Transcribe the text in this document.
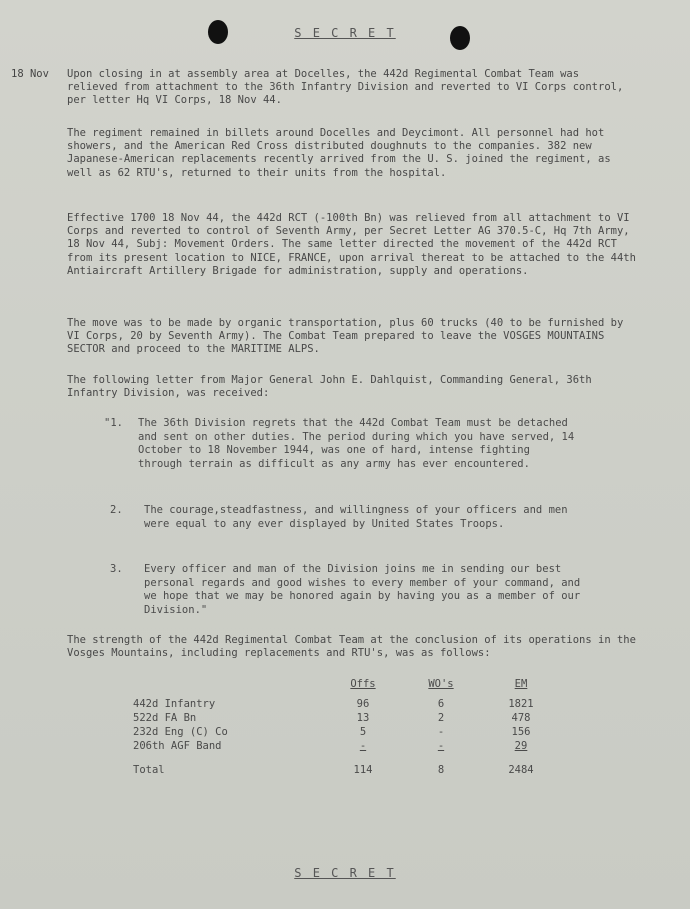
S E C R E T
18 Nov Upon closing in at assembly area at Docelles, the 442d Regimental Combat Team was relieved from attachment to the 36th Infantry Division and reverted to VI Corps control, per letter Hq VI Corps, 18 Nov 44.
The regiment remained in billets around Docelles and Deycimont. All personnel had hot showers, and the American Red Cross distributed doughnuts to the companies. 382 new Japanese-American replacements recently arrived from the U. S. joined the regiment, as well as 62 RTU's, returned to their units from the hospital.
Effective 1700 18 Nov 44, the 442d RCT (-100th Bn) was relieved from all attachment to VI Corps and reverted to control of Seventh Army, per Secret Letter AG 370.5-C, Hq 7th Army, 18 Nov 44, Subj: Movement Orders. The same letter directed the movement of the 442d RCT from its present location to NICE, FRANCE, upon arrival thereat to be attached to the 44th Antiaircraft Artillery Brigade for administration, supply and operations.
The move was to be made by organic transportation, plus 60 trucks (40 to be furnished by VI Corps, 20 by Seventh Army). The Combat Team prepared to leave the VOSGES MOUNTAINS SECTOR and proceed to the MARITIME ALPS.
The following letter from Major General John E. Dahlquist, Commanding General, 36th Infantry Division, was received:
"1.	The 36th Division regrets that the 442d Combat Team must be detached and sent on other duties. The period during which you have served, 14 October to 18 November 1944, was one of hard, intense fighting through terrain as difficult as any army has ever encountered.
2.	The courage,steadfastness, and willingness of your officers and men were equal to any ever displayed by United States Troops.
3.	Every officer and man of the Division joins me in sending our best personal regards and good wishes to every member of your command, and we hope that we may be honored again by having you as a member of our Division."
The strength of the 442d Regimental Combat Team at the conclusion of its operations in the Vosges Mountains, including replacements and RTU's, was as follows:
Offs	WO's	EM
442d Infantry	96	6	1821
522d FA Bn	13	2	478
232d Eng (C) Co	5	-	156
206th AGF Band	-	-	29
Total	114	8	2484
S E C R E T
